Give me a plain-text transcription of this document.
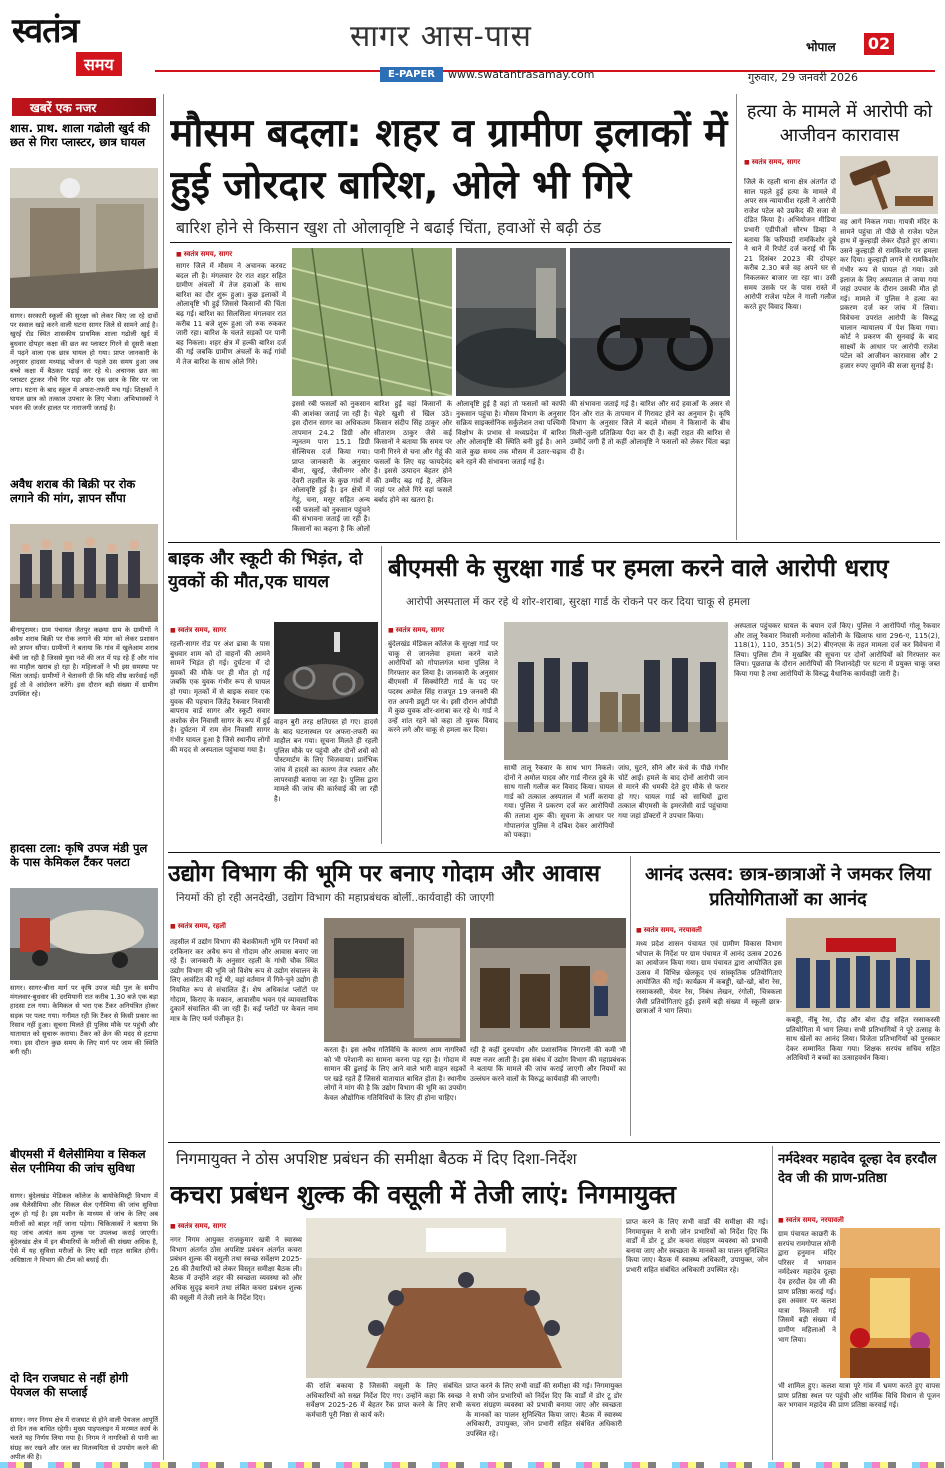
स्वतंत्र
समय
सागर आस-पास	भोपाल 02
E-PAPER	www.swatantrasamay.com	गुरुवार, 29 जनवरी 2026
खबरें एक नजर
शास. प्राथ. शाला गढोली खुर्द की छत से गिरा प्लास्टर, छात्र घायल
सागर। सरकारी स्कूलों की सुरक्षा को लेकर किए जा रहे दावों पर सवाल खड़े करने वाली घटना सागर जिले से सामने आई है। खुरई रोड स्थित शासकीय प्राथमिक शाला गढोली खुर्द में बुधवार दोपहर कक्षा की छत का प्लास्टर गिरने से दूसरी कक्षा में पढ़ने वाला एक छात्र घायल हो गया। प्राप्त जानकारी के अनुसार हादसा मध्याह्न भोजन से पहले उस समय हुआ जब बच्चे कक्षा में बैठकर पढ़ाई कर रहे थे। अचानक छत का प्लास्टर टूटकर नीचे गिर पड़ा और एक छात्र के सिर पर जा लगा। घटना के बाद स्कूल में अफरा-तफरी मच गई। शिक्षकों ने घायल छात्र को तत्काल उपचार के लिए भेजा। अभिभावकों ने भवन की जर्जर हालत पर नाराजगी जताई है।
अवैध शराब की बिक्री पर रोक लगाने की मांग, ज्ञापन सौंपा
बीनापुरामर। ग्राम पंचायत जैतपुर कछया ग्राम के ग्रामीणों ने अवैध शराब बिक्री पर रोक लगाने की मांग को लेकर प्रशासन को ज्ञापन सौंपा। ग्रामीणों ने बताया कि गांव में खुलेआम शराब बेची जा रही है जिससे युवा नशे की लत में पड़ रहे हैं और गांव का माहौल खराब हो रहा है। महिलाओं ने भी इस समस्या पर चिंता जताई। ग्रामीणों ने चेतावनी दी कि यदि शीघ्र कार्रवाई नहीं हुई तो वे आंदोलन करेंगे। इस दौरान बड़ी संख्या में ग्रामीण उपस्थित रहे।
हादसा टला: कृषि उपज मंडी पुल के पास केमिकल टैंकर पलटा
सागर। सागर-बीना मार्ग पर कृषि उपज मंडी पुल के समीप मंगलवार-बुधवार की दरमियानी रात करीब 1.30 बजे एक बड़ा हादसा टल गया। केमिकल से भरा एक टैंकर अनियंत्रित होकर सड़क पर पलट गया। गनीमत रही कि टैंकर से किसी प्रकार का रिसाव नहीं हुआ। सूचना मिलते ही पुलिस मौके पर पहुंची और यातायात को सुचारू कराया। टैंकर को क्रेन की मदद से हटाया गया। इस दौरान कुछ समय के लिए मार्ग पर जाम की स्थिति बनी रही।
बीएमसी में थैलेसीमिया व सिकल सेल एनीमिया की जांच सुविधा
सागर। बुंदेलखंड मेडिकल कॉलेज के बायोकेमिस्ट्री विभाग में अब थैलेसीमिया और सिकल सेल एनीमिया की जांच सुविधा शुरू हो गई है। इस मशीन के माध्यम से जांच के लिए अब मरीजों को बाहर नहीं जाना पड़ेगा। चिकित्सकों ने बताया कि यह जांच अत्यंत कम शुल्क पर उपलब्ध कराई जाएगी। बुंदेलखंड क्षेत्र में इन बीमारियों के मरीजों की संख्या अधिक है, ऐसे में यह सुविधा मरीजों के लिए बड़ी राहत साबित होगी। अधिष्ठाता ने विभाग की टीम को बधाई दी।
दो दिन राजघाट से नहीं होगी पेयजल की सप्लाई
सागर। नगर निगम क्षेत्र में राजघाट से होने वाली पेयजल आपूर्ति दो दिन तक बाधित रहेगी। मुख्य पाइपलाइन में मरम्मत कार्य के चलते यह निर्णय लिया गया है। निगम ने नागरिकों से पानी का संग्रह कर रखने और जल का मितव्ययिता से उपयोग करने की अपील की है।
मौसम बदला: शहर व ग्रामीण इलाकों में हुई जोरदार बारिश, ओले भी गिरे
बारिश होने से किसान खुश तो ओलावृष्टि ने बढाई चिंता, हवाओं से बढ़ी ठंड
■ स्वतंत्र समय, सागर
सागर जिले में मौसम ने अचानक करवट बदल ली है। मंगलवार देर रात शहर सहित ग्रामीण अंचलों में तेज हवाओं के साथ बारिश का दौर शुरू हुआ। कुछ इलाकों में ओलावृष्टि भी हुई जिससे किसानों की चिंता बढ़ गई। बारिश का सिलसिला मंगलवार रात करीब 11 बजे शुरू हुआ जो रुक रुककर जारी रहा। बारिश के चलते सड़कों पर पानी बह निकला। शहर क्षेत्र में हल्की बारिश दर्ज की गई जबकि ग्रामीण अंचलों के कई गांवों में तेज बारिश के साथ ओले गिरे।
इससे रबी फसलों को नुकसान की आशंका जताई जा रही है। इस दौरान सागर का अधिकतम तापमान 24.2 डिग्री और न्यूनतम पारा 15.1 डिग्री सेल्सियस दर्ज किया गया। प्राप्त जानकारी के अनुसार बीना, खुरई, जैसीनगर और देवरी तहसील के कुछ गांवों में ओलावृष्टि हुई है। इन क्षेत्रों में गेहूं, चना, मसूर सहित अन्य रबी फसलों को नुकसान पहुंचने की संभावना जताई जा रही है। किसानों का कहना है कि ओलों
बारिश हुई वहां किसानों के चेहरे खुशी से खिल उठे। किसान संदीप सिंह ठाकुर और सीताराम ठाकुर जैसे कई किसानों ने बताया कि समय पर पानी गिरने से चना और गेहूं की फसलों के लिए यह फायदेमंद है। इससे उत्पादन बेहतर होने की उम्मीद बढ़ गई है, लेकिन जहां पर ओले गिरे वहां फसलें बर्बाद होने का खतरा है।
ओलावृष्टि हुई है वहां तो फसलों को काफी नुकसान पहुंचा है। मौसम विभाग के अनुसार सक्रिय साइक्लोनिक सर्कुलेशन तथा पश्चिमी विक्षोभ के प्रभाव से मध्यप्रदेश में बारिश और ओलावृष्टि की स्थिति बनी हुई है। आने वाले कुछ समय तक मौसम में उतार-चढ़ाव बने रहने की संभावना जताई गई है।
की संभावना जताई गई है। बारिश और सर्द हवाओं के असर से दिन और रात के तापमान में गिरावट होने का अनुमान है। कृषि विभाग के अनुसार जिले में बदले मौसम ने किसानों के बीच मिली-जुली प्रतिक्रिया पैदा कर दी है। कहीं राहत की बारिश से उम्मीदें जगी हैं तो कहीं ओलावृष्टि ने फसलों को लेकर चिंता बढ़ा दी है।
हत्या के मामले में आरोपी को आजीवन कारावास
■ स्वतंत्र समय, सागर
जिले के रहली थाना क्षेत्र अंतर्गत दो साल पहले हुई हत्या के मामले में अपर सत्र न्यायाधीश रहली ने आरोपी राजेश पटेल को उम्रकैद की सजा से दंडित किया है। अभियोजन मीडिया प्रभारी एडीपीओ सौरभ डिम्हा ने बताया कि फरियादी रामकिशोर दुबे ने थाने में रिपोर्ट दर्ज कराई थी कि 21 दिसंबर 2023 की दोपहर करीब 2.30 बजे वह अपने घर से निकलकर बाजार जा रहा था। उसी समय उसके पर के पास रास्ते में आरोपी राजेश पटेल ने गाली गलौज करते हुए विवाद किया।
वह आगे निकल गया। गायत्री मंदिर के सामने पहुंचा तो पीछे से राजेश पटेल हाथ में कुल्हाड़ी लेकर दौड़ते हुए आया। उसने कुल्हाड़ी से रामकिशोर पर हमला कर दिया। कुल्हाड़ी लगने से रामकिशोर गंभीर रूप से घायल हो गया। उसे इलाज के लिए अस्पताल ले जाया गया जहां उपचार के दौरान उसकी मौत हो गई। मामले में पुलिस ने हत्या का प्रकरण दर्ज कर जांच में लिया। विवेचना उपरांत आरोपी के विरुद्ध चालान न्यायालय में पेश किया गया। कोर्ट ने प्रकरण की सुनवाई के बाद साक्ष्यों के आधार पर आरोपी राजेश पटेल को आजीवन कारावास और 2 हजार रुपए जुर्माने की सजा सुनाई है।
बाइक और स्कूटी की भिड़ंत, दो युवकों की मौत,एक घायल
■ स्वतंत्र समय, सागर
रहली-सागर रोड पर अंश ढाबा के पास बुधवार शाम को दो वाहनों की आमने सामने भिड़ंत हो गई। दुर्घटना में दो युवकों की मौके पर ही मौत हो गई जबकि एक युवक गंभीर रूप से घायल हो गया। मृतकों में से बाइक सवार एक युवक की पहचान जितेंद्र रैकवार निवासी बापराव वार्ड सागर और स्कूटी सवार अशोक सेन निवासी सागर के रूप में हुई है। दुर्घटना में राम सेन निवासी सागर गंभीर घायल हुआ है जिसे स्थानीय लोगों की मदद से अस्पताल पहुंचाया गया है।
वाहन बुरी तरह क्षतिग्रस्त हो गए। हादसे के बाद घटनास्थल पर अफरा-तफरी का माहौल बन गया। सूचना मिलते ही रहली पुलिस मौके पर पहुंची और दोनों शवों को पोस्टमार्टम के लिए भिजवाया। प्रारंभिक जांच में हादसे का कारण तेज रफ्तार और लापरवाही बताया जा रहा है। पुलिस द्वारा मामले की जांच की कार्रवाई की जा रही है।
बीएमसी के सुरक्षा गार्ड पर हमला करने वाले आरोपी धराए
आरोपी अस्पताल में कर रहे थे शोर-शराबा, सुरक्षा गार्ड के रोकने पर कर दिया चाकू से हमला
■ स्वतंत्र समय, सागर
बुंदेलखंड मेडिकल कॉलेज के सुरक्षा गार्ड पर चाकू से जानलेवा हमला करने वाले आरोपियों को गोपालगंज थाना पुलिस ने गिरफ्तार कर लिया है। जानकारी के अनुसार बीएमसी में सिक्योरिटी गार्ड के पद पर पदस्थ अमोल सिंह राजपूत 19 जनवरी की रात अपनी ड्यूटी पर थे। इसी दौरान ओपीडी में कुछ युवक शोर-शराबा कर रहे थे। गार्ड ने उन्हें शांत रहने को कहा तो युवक विवाद करने लगे और चाकू से हमला कर दिया।
साथी तालू रैकवार के साथ भाग निकले। दोनों ने अमोल यादव और गार्ड नीरज दुबे के साथ गाली गलौज कर विवाद किया। घायल गार्ड को तत्काल अस्पताल में भर्ती कराया गया। पुलिस ने प्रकरण दर्ज कर आरोपियों की तलाश शुरू की। सूचना के आधार पर गोपालगंज पुलिस ने दबिश देकर आरोपियों को पकड़ा।
जांघ, घुटने, सीने और कंधे के पीछे गंभीर चोटें आईं। हमले के बाद दोनों आरोपी जान से मारने की धमकी देते हुए मौके से फरार हो गए। घायल गार्ड को साथियों द्वारा तत्काल बीएमसी के इमरजेंसी वार्ड पहुंचाया गया जहां डॉक्टरों ने उपचार किया।
अस्पताल पहुंचकर घायल के बयान दर्ज किए। पुलिस ने आरोपियों गोलू रैकवार और तालू रैकवार निवासी मनोरमा कॉलोनी के खिलाफ धारा 296-ए, 115(2), 118(1), 110, 351(5) 3(2) बीएनएस के तहत मामला दर्ज कर विवेचना में लिया। पुलिस टीम ने मुखबिर की सूचना पर दोनों आरोपियों को गिरफ्तार कर लिया। पूछताछ के दौरान आरोपियों की निशानदेही पर घटना में प्रयुक्त चाकू जब्त किया गया है तथा आरोपियों के विरुद्ध वैधानिक कार्यवाही जारी है।
उद्योग विभाग की भूमि पर बनाए गोदाम और आवास
नियमों की हो रही अनदेखी, उद्योग विभाग की महाप्रबंधक बोलीं..कार्यवाही की जाएगी
■ स्वतंत्र समय, रहली
तहसील में उद्योग विभाग की बेशकीमती भूमि पर नियमों को दरकिनार कर अवैध रूप से गोदाम और आवास बनाए जा रहे हैं। जानकारी के अनुसार रहली के गांधी चौक स्थित उद्योग विभाग की भूमि जो विशेष रूप से उद्योग संचालन के लिए आवंटित की गई थी, वहां वर्तमान में गिने-चुने उद्योग ही नियमित रूप से संचालित हैं। शेष अधिकांश प्लॉटों पर गोदाम, किराए के मकान, आवासीय भवन एवं व्यावसायिक दुकानें संचालित की जा रही हैं। कई प्लॉटों पर केवल नाम मात्र के लिए फर्म पंजीकृत है।
करता है। इस अवैध गतिविधि के कारण आम नागरिकों को भी परेशानी का सामना करना पड़ रहा है। गोदाम में सामान की ढुलाई के लिए आने वाले भारी वाहन सड़कों पर खड़े रहते हैं जिससे यातायात बाधित होता है। स्थानीय लोगों ने मांग की है कि उद्योग विभाग की भूमि का उपयोग केवल औद्योगिक गतिविधियों के लिए ही होना चाहिए।
रही है कहीं दुरुपयोग और प्रशासनिक निगरानी की कमी भी स्पष्ट नजर आती है। इस संबंध में उद्योग विभाग की महाप्रबंधक ने बताया कि मामले की जांच कराई जाएगी और नियमों का उल्लंघन करने वालों के विरुद्ध कार्यवाही की जाएगी।
आनंद उत्सव: छात्र-छात्राओं ने जमकर लिया प्रतियोगिताओं का आनंद
■ स्वतंत्र समय, नरयावली
मध्य प्रदेश शासन पंचायत एवं ग्रामीण विकास विभाग भोपाल के निर्देश पर ग्राम पंचायत में आनंद उत्सव 2026 का आयोजन किया गया। ग्राम पंचायत द्वारा आयोजित इस उत्सव में विभिन्न खेलकूद एवं सांस्कृतिक प्रतियोगिताएं आयोजित की गईं। कार्यक्रम में कबड्डी, खो-खो, बोरा रेस, रस्साकस्सी, चेयर रेस, निबंध लेखन, रंगोली, चित्रकला जैसी प्रतियोगिताएं हुईं। इसमें बड़ी संख्या में स्कूली छात्र-छात्राओं ने भाग लिया।
कबड्डी, नींबू रेस, दौड़ और बोरा दौड़ सहित रस्साकस्सी प्रतियोगिता में भाग लिया। सभी प्रतिभागियों ने पूरे उत्साह के साथ खेलों का आनंद लिया। विजेता प्रतिभागियों को पुरस्कार देकर सम्मानित किया गया। शिक्षक सरपंच सचिव सहित अतिथियों ने बच्चों का उत्साहवर्धन किया।
निगमायुक्त ने ठोस अपशिष्ट प्रबंधन की समीक्षा बैठक में दिए दिशा-निर्देश
कचरा प्रबंधन शुल्क की वसूली में तेजी लाएं: निगमायुक्त
■ स्वतंत्र समय, सागर
नगर निगम आयुक्त राजकुमार खत्री ने स्वास्थ्य विभाग अंतर्गत ठोस अपशिष्ट प्रबंधन अंतर्गत कचरा प्रबंधन शुल्क की वसूली तथा स्वच्छ सर्वेक्षण 2025-26 की तैयारियों को लेकर विस्तृत समीक्षा बैठक ली। बैठक में उन्होंने शहर की स्वच्छता व्यवस्था को और अधिक सुदृढ़ बनाने तथा लंबित कचरा प्रबंधन शुल्क की वसूली में तेजी लाने के निर्देश दिए।
की राशि बकाया है जिसकी वसूली के लिए संबंधित अधिकारियों को सख्त निर्देश दिए गए। उन्होंने कहा कि स्वच्छ सर्वेक्षण 2025-26 में बेहतर रैंक प्राप्त करने के लिए सभी कर्मचारी पूरी निष्ठा से कार्य करें।
प्राप्त करने के लिए सभी वार्डों की समीक्षा की गई। निगमायुक्त ने सभी जोन प्रभारियों को निर्देश दिए कि वार्डों में डोर टू डोर कचरा संग्रहण व्यवस्था को प्रभावी बनाया जाए और स्वच्छता के मानकों का पालन सुनिश्चित किया जाए। बैठक में स्वास्थ्य अधिकारी, उपायुक्त, जोन प्रभारी सहित संबंधित अधिकारी उपस्थित रहे।
प्राप्त करने के लिए सभी वार्डों की समीक्षा की गई। निगमायुक्त ने सभी जोन प्रभारियों को निर्देश दिए कि वार्डों में डोर टू डोर कचरा संग्रहण व्यवस्था को प्रभावी बनाया जाए और स्वच्छता के मानकों का पालन सुनिश्चित किया जाए। बैठक में स्वास्थ्य अधिकारी, उपायुक्त, जोन प्रभारी सहित संबंधित अधिकारी उपस्थित रहे।
नर्मदेश्वर महादेव दूल्हा देव हरदौल देव जी की प्राण-प्रतिष्ठा
■ स्वतंत्र समय, नरयावली
ग्राम पंचायत काछरी के सरपंच रामगोपाल सोनी द्वारा हनुमान मंदिर परिसर में भगवान नर्मदेश्वर महादेव दूल्हा देव हरदौल देव जी की प्राण प्रतिष्ठा कराई गई। इस अवसर पर कलश यात्रा निकाली गई जिसमें बड़ी संख्या में ग्रामीण महिलाओं ने भाग लिया।
भी शामिल हुए। कलश यात्रा पूरे गांव में भ्रमण करते हुए वापस प्राण प्रतिष्ठा स्थल पर पहुंची और धार्मिक विधि विधान से पूजन कर भगवान महादेव की प्राण प्रतिष्ठा करवाई गई।
